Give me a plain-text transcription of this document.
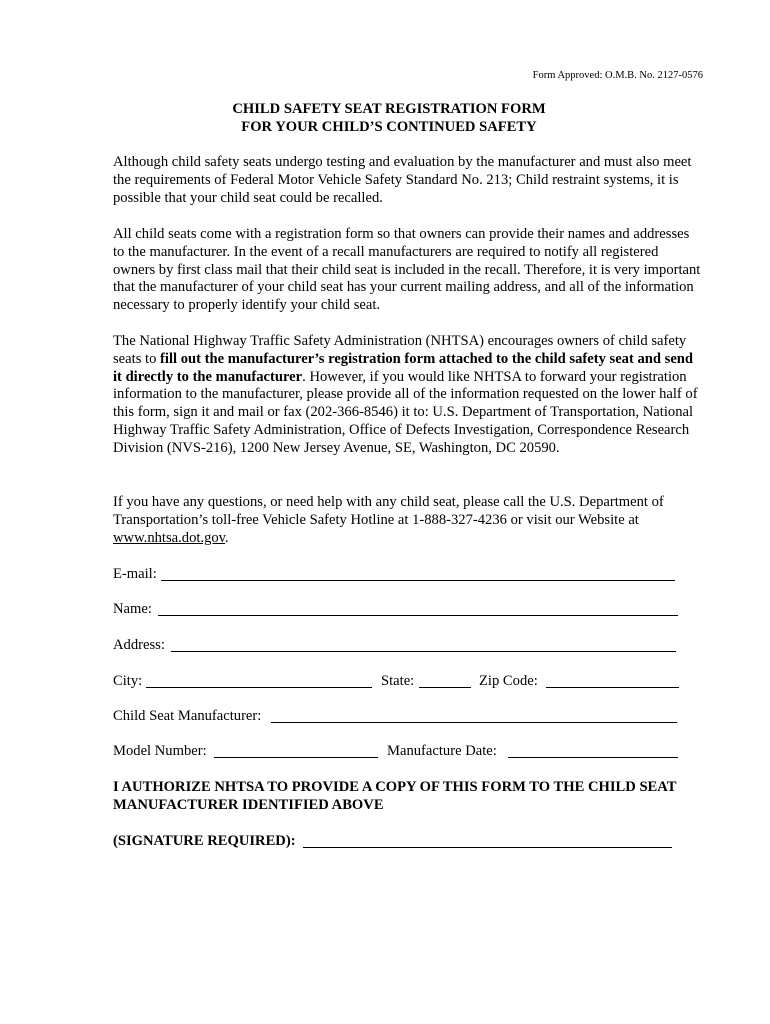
Form Approved: O.M.B. No. 2127-0576
CHILD SAFETY SEAT REGISTRATION FORM
FOR YOUR CHILD’S CONTINUED SAFETY

Although child safety seats undergo testing and evaluation by the manufacturer and must also meet the requirements of Federal Motor Vehicle Safety Standard No. 213; Child restraint systems, it is possible that your child seat could be recalled.

All child seats come with a registration form so that owners can provide their names and addresses to the manufacturer. In the event of a recall manufacturers are required to notify all registered owners by first class mail that their child seat is included in the recall. Therefore, it is very important that the manufacturer of your child seat has your current mailing address, and all of the information necessary to properly identify your child seat.

The National Highway Traffic Safety Administration (NHTSA) encourages owners of child safety seats to fill out the manufacturer’s registration form attached to the child safety seat and send it directly to the manufacturer. However, if you would like NHTSA to forward your registration information to the manufacturer, please provide all of the information requested on the lower half of this form, sign it and mail or fax (202-366-8546) it to: U.S. Department of Transportation, National Highway Traffic Safety Administration, Office of Defects Investigation, Correspondence Research Division (NVS-216), 1200 New Jersey Avenue, SE, Washington, DC 20590.

If you have any questions, or need help with any child seat, please call the U.S. Department of Transportation’s toll-free Vehicle Safety Hotline at 1-888-327-4236 or visit our Website at www.nhtsa.dot.gov.

E-mail:
Name:
Address:
City:	State:	Zip Code:
Child Seat Manufacturer:
Model Number:	Manufacture Date:
I AUTHORIZE NHTSA TO PROVIDE A COPY OF THIS FORM TO THE CHILD SEAT MANUFACTURER IDENTIFIED ABOVE
(SIGNATURE REQUIRED):
